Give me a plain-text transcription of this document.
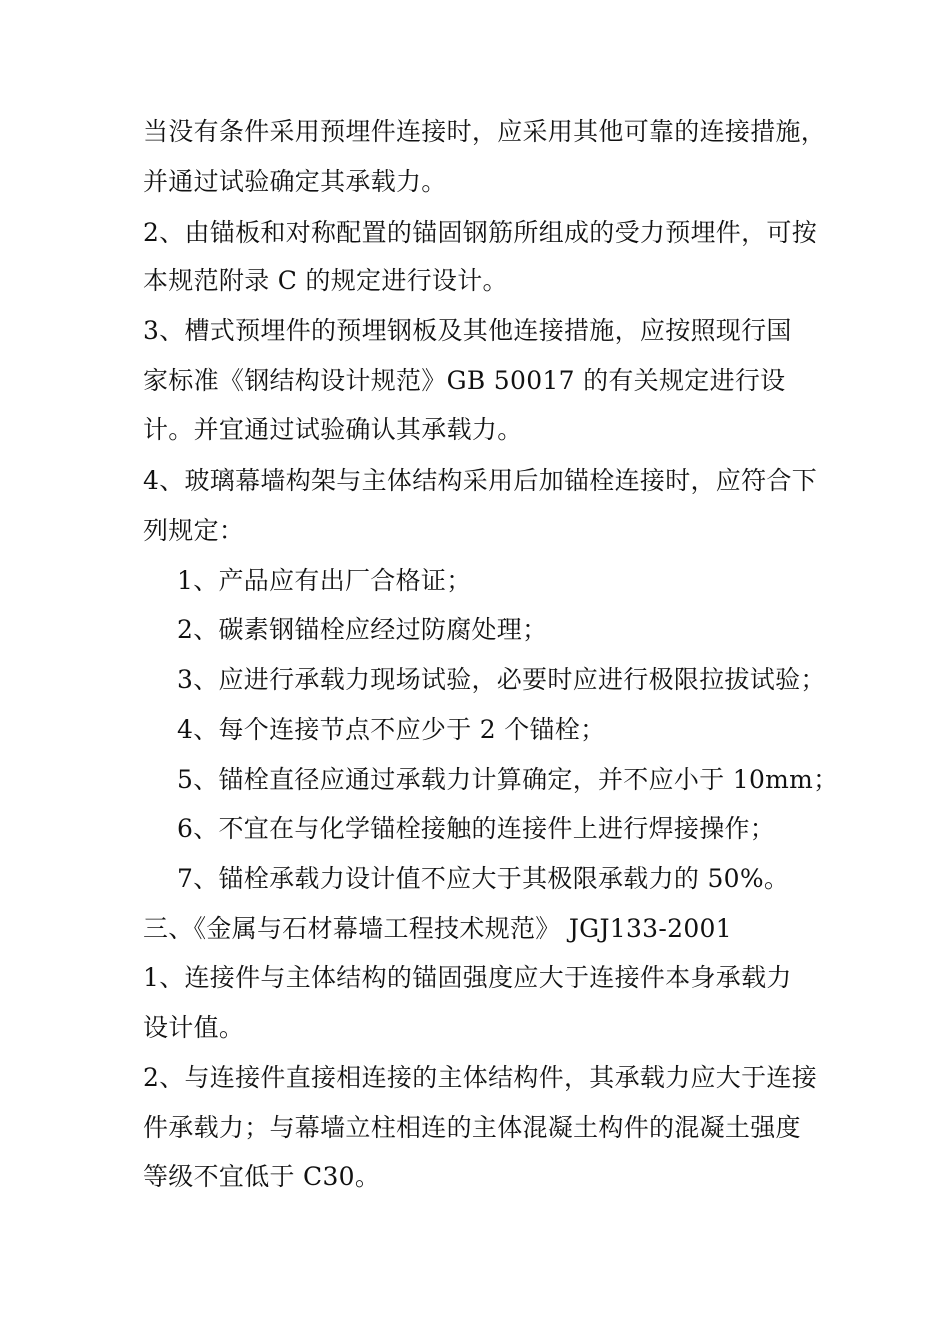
当没有条件采用预埋件连接时，应采用其他可靠的连接措施，
并通过试验确定其承载力。
2、由锚板和对称配置的锚固钢筋所组成的受力预埋件，可按
本规范附录 C 的规定进行设计。
3、槽式预埋件的预埋钢板及其他连接措施，应按照现行国
家标准《钢结构设计规范》GB 50017 的有关规定进行设
计。并宜通过试验确认其承载力。
4、玻璃幕墙构架与主体结构采用后加锚栓连接时，应符合下
列规定：
1、产品应有出厂合格证；
2、碳素钢锚栓应经过防腐处理；
3、应进行承载力现场试验，必要时应进行极限拉拔试验；
4、每个连接节点不应少于 2 个锚栓；
5、锚栓直径应通过承载力计算确定，并不应小于 10mm；
6、不宜在与化学锚栓接触的连接件上进行焊接操作；
7、锚栓承载力设计值不应大于其极限承载力的 50%。
三、《金属与石材幕墙工程技术规范》 JGJ133-2001
1、连接件与主体结构的锚固强度应大于连接件本身承载力
设计值。
2、与连接件直接相连接的主体结构件，其承载力应大于连接
件承载力；与幕墙立柱相连的主体混凝土构件的混凝土强度
等级不宜低于 C30。
